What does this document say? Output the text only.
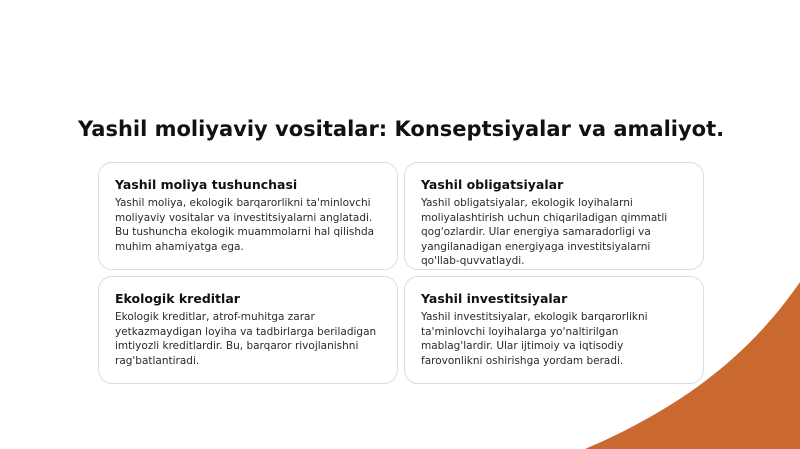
Yashil moliyaviy vositalar: Konseptsiyalar va amaliyot.
Yashil moliya tushunchasi

Yashil moliya, ekologik barqarorlikni ta'minlovchi moliyaviy vositalar va investitsiyalarni anglatadi. Bu tushuncha ekologik muammolarni hal qilishda muhim ahamiyatga ega.

Yashil obligatsiyalar

Yashil obligatsiyalar, ekologik loyihalarni moliyalashtirish uchun chiqariladigan qimmatli qog'ozlardir. Ular energiya samaradorligi va yangilanadigan energiyaga investitsiyalarni qo'llab-quvvatlaydi.

Ekologik kreditlar

Ekologik kreditlar, atrof-muhitga zarar yetkazmaydigan loyiha va tadbirlarga beriladigan imtiyozli kreditlardir. Bu, barqaror rivojlanishni rag'batlantiradi.

Yashil investitsiyalar

Yashil investitsiyalar, ekologik barqarorlikni ta'minlovchi loyihalarga yo'naltirilgan mablag'lardir. Ular ijtimoiy va iqtisodiy farovonlikni oshirishga yordam beradi.
